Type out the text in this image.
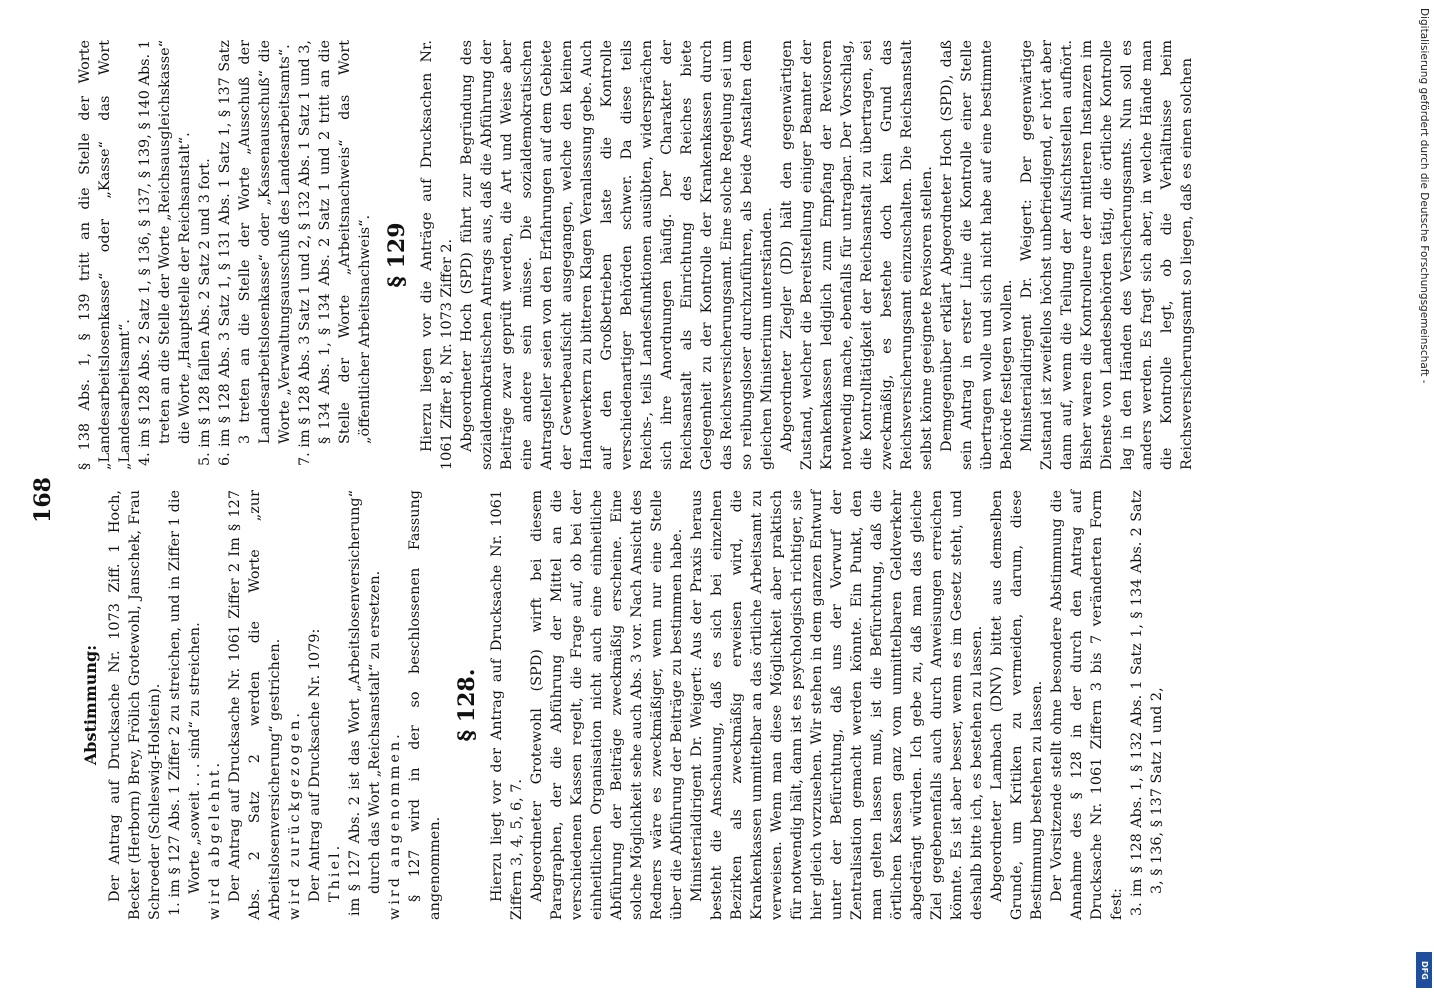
168
Abstimmung: Der Antrag auf Drucksache Nr. 1073 Ziff. 1 Hoch, Becker (Herborn) Brey, Frölich Grotewohl, Janschek, Frau Schroeder (Schleswig-Holstein). 1. im § 127 Abs. 1 Ziffer 2 zu streichen, und in Ziffer 1 die Worte „soweit . . . sind“ zu streichen. wird abgelehnt. Der Antrag auf Drucksache Nr. 1061 Ziffer 2 Im § 127 Abs. 2 Satz 2 werden die Worte „zur Arbeitslosenversicherung“ gestrichen. wird zurückgezogen. Der Antrag auf Drucksache Nr. 1079: Thiel. im § 127 Abs. 2 ist das Wort „Arbeitslosenversicherung“ durch das Wort „Reichsanstalt“ zu ersetzen. wird angenommen. § 127 wird in der so beschlossenen Fassung angenommen.

§ 128. Hierzu liegt vor der Antrag auf Drucksache Nr. 1061 Ziffern 3, 4, 5, 6, 7. Abgeordneter Grotewohl (SPD) wirft bei diesem Paragraphen, der die Abführung der Mittel an die verschiedenen Kassen regelt, die Frage auf, ob bei der einheitlichen Organisation nicht auch eine einheitliche Abführung der Beiträge zweckmäßig erscheine. Eine solche Möglichkeit sehe auch Abs. 3 vor. Nach Ansicht des Redners wäre es zweckmäßiger, wenn nur eine Stelle über die Abführung der Beiträge zu bestimmen habe. Ministerialdirigent Dr. Weigert: Aus der Praxis heraus besteht die Anschauung, daß es sich bei einzelnen Bezirken als zweckmäßig erweisen wird, die Krankenkassen unmittelbar an das örtliche Arbeitsamt zu verweisen. Wenn man diese Möglichkeit aber praktisch für notwendig hält, dann ist es psychologisch richtiger, sie hier gleich vorzusehen. Wir stehen in dem ganzen Entwurf unter der Befürchtung, daß uns der Vorwurf der Zentralisation gemacht werden könnte. Ein Punkt, den man gelten lassen muß, ist die Befürchtung, daß die örtlichen Kassen ganz vom unmittelbaren Geldverkehr abgedrängt würden. Ich gebe zu, daß man das gleiche Ziel gegebenenfalls auch durch Anweisungen erreichen könnte. Es ist aber besser, wenn es im Gesetz steht, und deshalb bitte ich, es bestehen zu lassen. Abgeordneter Lambach (DNV) bittet aus demselben Grunde, um Kritiken zu vermeiden, darum, diese Bestimmung bestehen zu lassen. Der Vorsitzende stellt ohne besondere Abstimmung die Annahme des § 128 in der durch den Antrag auf Drucksache Nr. 1061 Ziffern 3 bis 7 veränderten Form fest: 3. im § 128 Abs. 1, § 132 Abs. 1 Satz 1, § 134 Abs. 2 Satz 3, § 136, § 137 Satz 1 und 2,

§ 138 Abs. 1, § 139 tritt an die Stelle der Worte „Landesarbeitslosenkasse“ oder „Kasse“ das Wort „Landesarbeitsamt“. 4. im § 128 Abs. 2 Satz 1, § 136, § 137, § 139, § 140 Abs. 1 treten an die Stelle der Worte „Reichsausgleichskasse“ die Worte „Hauptstelle der Reichsanstalt“. 5. im § 128 fallen Abs. 2 Satz 2 und 3 fort. 6. im § 128 Abs. 3 Satz 1, § 131 Abs. 1 Satz 1, § 137 Satz 3 treten an die Stelle der Worte „Ausschuß der Landesarbeitslosenkasse“ oder „Kassenausschuß“ die Worte „Verwaltungsausschuß des Landesarbeitsamts“. 7. im § 128 Abs. 3 Satz 1 und 2, § 132 Abs. 1 Satz 1 und 3, § 134 Abs. 1, § 134 Abs. 2 Satz 1 und 2 tritt an die Stelle der Worte „Arbeitsnachweis“ das Wort „öffentlicher Arbeitsnachweis“. § 129 Hierzu liegen vor die Anträge auf Drucksachen Nr. 1061 Ziffer 8, Nr. 1073 Ziffer 2. Abgeordneter Hoch (SPD) führt zur Begründung des sozialdemokratischen Antrags aus, daß die Abführung der Beiträge zwar geprüft werden, die Art und Weise aber eine andere sein müsse. Die sozialdemokratischen Antragsteller seien von den Erfahrungen auf dem Gebiete der Gewerbeaufsicht ausgegangen, welche den kleinen Handwerkern zu bitteren Klagen Veranlassung gebe. Auch auf den Großbetrieben laste die Kontrolle verschiedenartiger Behörden schwer. Da diese teils Reichs-, teils Landesfunktionen ausübten, widersprächen sich ihre Anordnungen häufig. Der Charakter der Reichsanstalt als Einrichtung des Reiches biete Gelegenheit zu der Kontrolle der Krankenkassen durch das Reichsversicherungsamt. Eine solche Regelung sei um so reibungsloser durchzuführen, als beide Anstalten dem gleichen Ministerium unterständen. Abgeordneter Ziegler (DD) hält den gegenwärtigen Zustand, welcher die Bereitstellung einiger Beamter der Krankenkassen lediglich zum Empfang der Revisoren notwendig mache, ebenfalls für untragbar. Der Vorschlag, die Kontrolltätigkeit der Reichsanstalt zu übertragen, sei zweckmäßig, es bestehe doch kein Grund das Reichsversicherungsamt einzuschalten. Die Reichsanstalt selbst könne geeignete Revisoren stellen. Demgegenüber erklärt Abgeordneter Hoch (SPD), daß sein Antrag in erster Linie die Kontrolle einer Stelle übertragen wolle und sich nicht habe auf eine bestimmte Behörde festlegen wollen. Ministerialdirigent Dr. Weigert: Der gegenwärtige Zustand ist zweifellos höchst unbefriedigend, er hört aber dann auf, wenn die Teilung der Aufsichtsstellen aufhört. Bisher waren die Kontrolleure der mittleren Instanzen im Dienste von Landesbehörden tätig, die örtliche Kontrolle lag in den Händen des Versicherungsamts. Nun soll es anders werden. Es fragt sich aber, in welche Hände man die Kontrolle legt, ob die Verhältnisse beim Reichsversicherungsamt so liegen, daß es einen solchen	Digitalisierung gefördert durch die Deutsche Forschungsgemeinschaft -
DFG
